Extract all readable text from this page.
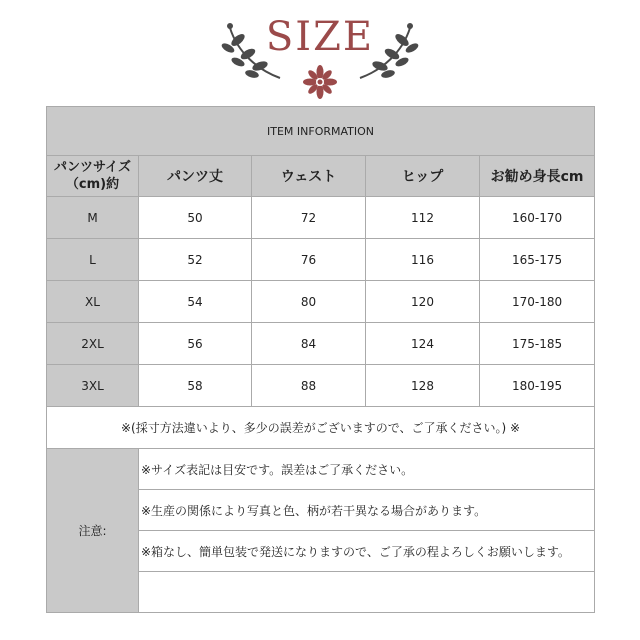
SIZE
ITEM INFORMATION				
パンツサイズ（cm)約	パンツ丈	ウェスト	ヒップ	お勧め身長cm
M	50	72	112	160-170
L	52	76	116	165-175
XL	54	80	120	170-180
2XL	56	84	124	175-185
3XL	58	88	128	180-195
※(採寸方法違いより、多少の誤差がございますので、ご了承ください。) ※				
注意:	※サイズ表記は目安です。誤差はご了承ください。			
	※生産の関係により写真と色、柄が若干異なる場合があります。			
	※箱なし、簡単包装で発送になりますので、ご了承の程よろしくお願いします。			
